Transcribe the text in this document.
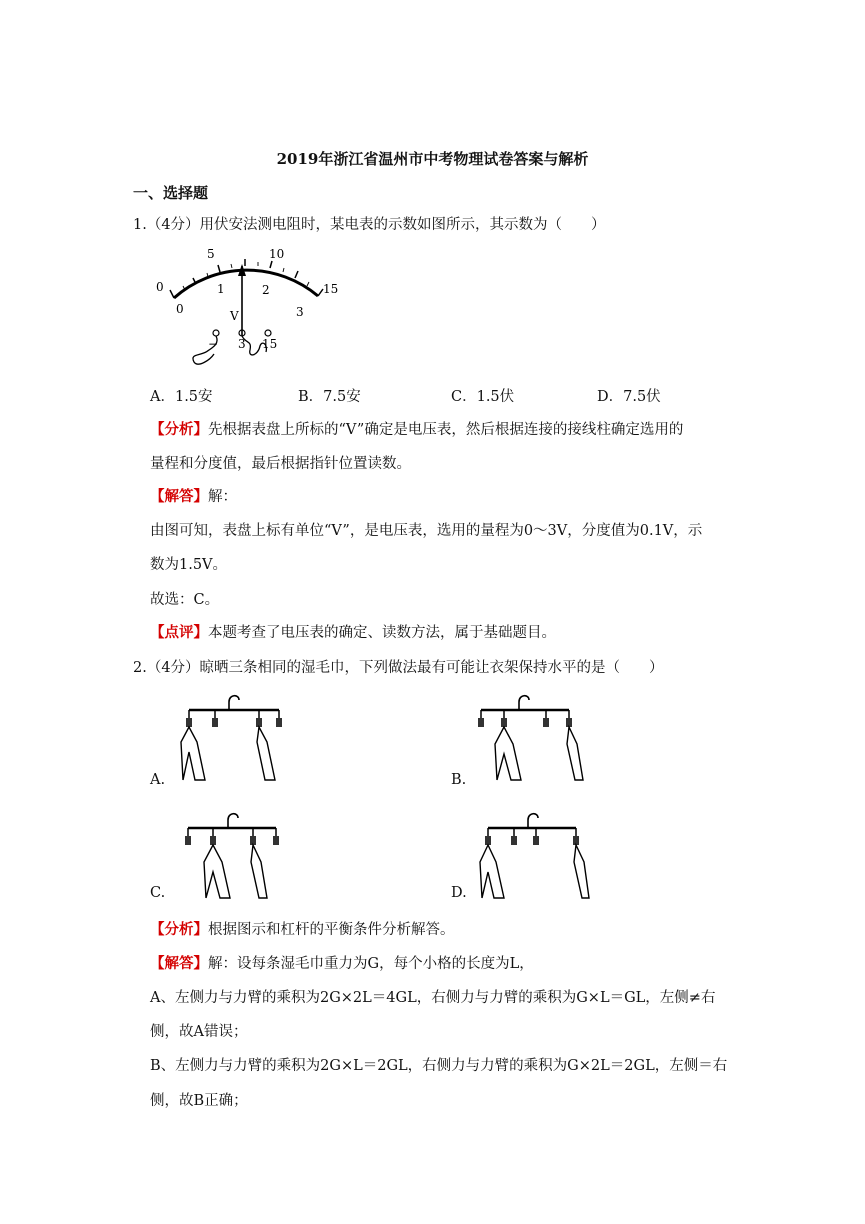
2019年浙江省温州市中考物理试卷答案与解析
一、选择题
1.（4分）用伏安法测电阻时，某电表的示数如图所示，其示数为（　　）
0
5	10
15
0
1	2
3
V
− 3 15
A．1.5安	B．7.5安	C．1.5伏	D．7.5伏
【分析】先根据表盘上所标的“V”确定是电压表，然后根据连接的接线柱确定选用的
量程和分度值，最后根据指针位置读数。
【解答】解：
由图可知，表盘上标有单位“V”，是电压表，选用的量程为0～3V，分度值为0.1V，示
数为1.5V。
故选：C。
【点评】本题考查了电压表的确定、读数方法，属于基础题目。
2.（4分）晾晒三条相同的湿毛巾，下列做法最有可能让衣架保持水平的是（　　）
A.	B.
C.	D.
【分析】根据图示和杠杆的平衡条件分析解答。
【解答】解：设每条湿毛巾重力为G，每个小格的长度为L，
A、左侧力与力臂的乘积为2G×2L＝4GL，右侧力与力臂的乘积为G×L＝GL，左侧≠右
侧，故A错误；
B、左侧力与力臂的乘积为2G×L＝2GL，右侧力与力臂的乘积为G×2L＝2GL，左侧＝右
侧，故B正确；
